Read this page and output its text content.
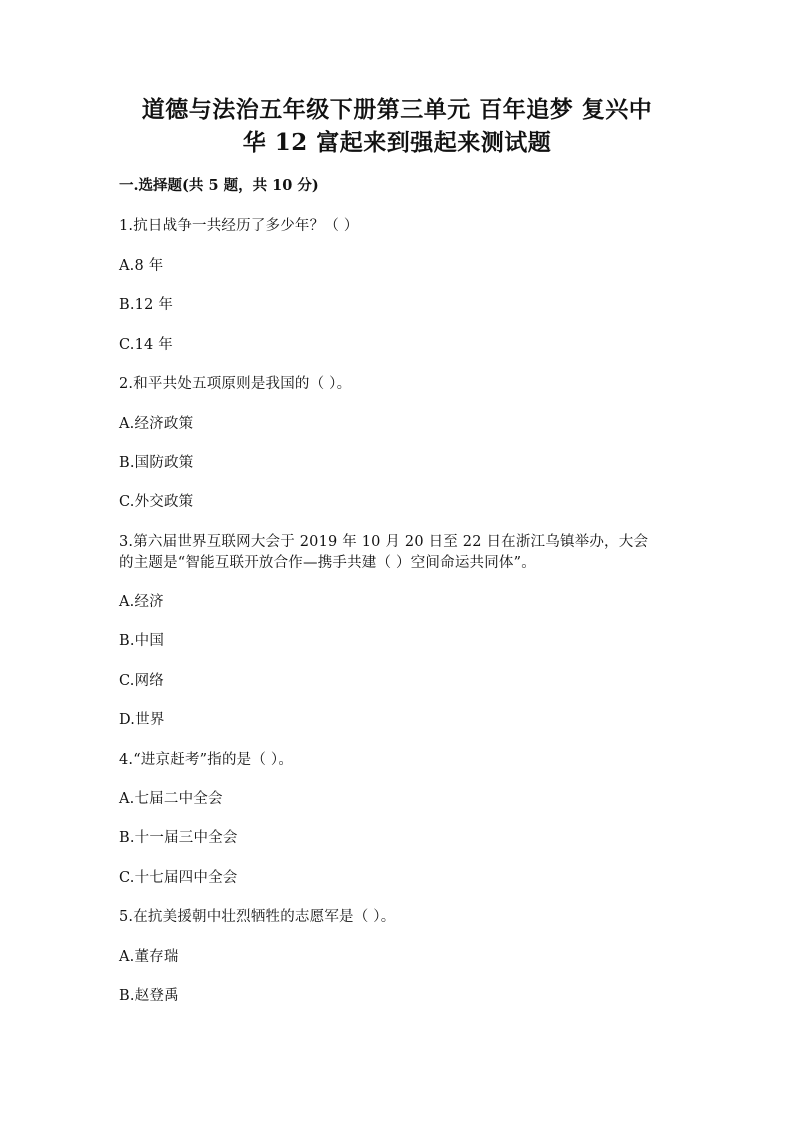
道德与法治五年级下册第三单元 百年追梦 复兴中
华 12 富起来到强起来测试题
一.选择题(共 5 题，共 10 分)
1.抗日战争一共经历了多少年？（ ）
A.8 年
B.12 年
C.14 年
2.和平共处五项原则是我国的（ ）。
A.经济政策
B.国防政策
C.外交政策
3.第六届世界互联网大会于 2019 年 10 月 20 日至 22 日在浙江乌镇举办，大会
的主题是“智能互联开放合作—携手共建（ ）空间命运共同体”。
A.经济
B.中国
C.网络
D.世界
4.“进京赶考”指的是（ ）。
A.七届二中全会
B.十一届三中全会
C.十七届四中全会
5.在抗美援朝中壮烈牺牲的志愿军是（ ）。
A.董存瑞
B.赵登禹
